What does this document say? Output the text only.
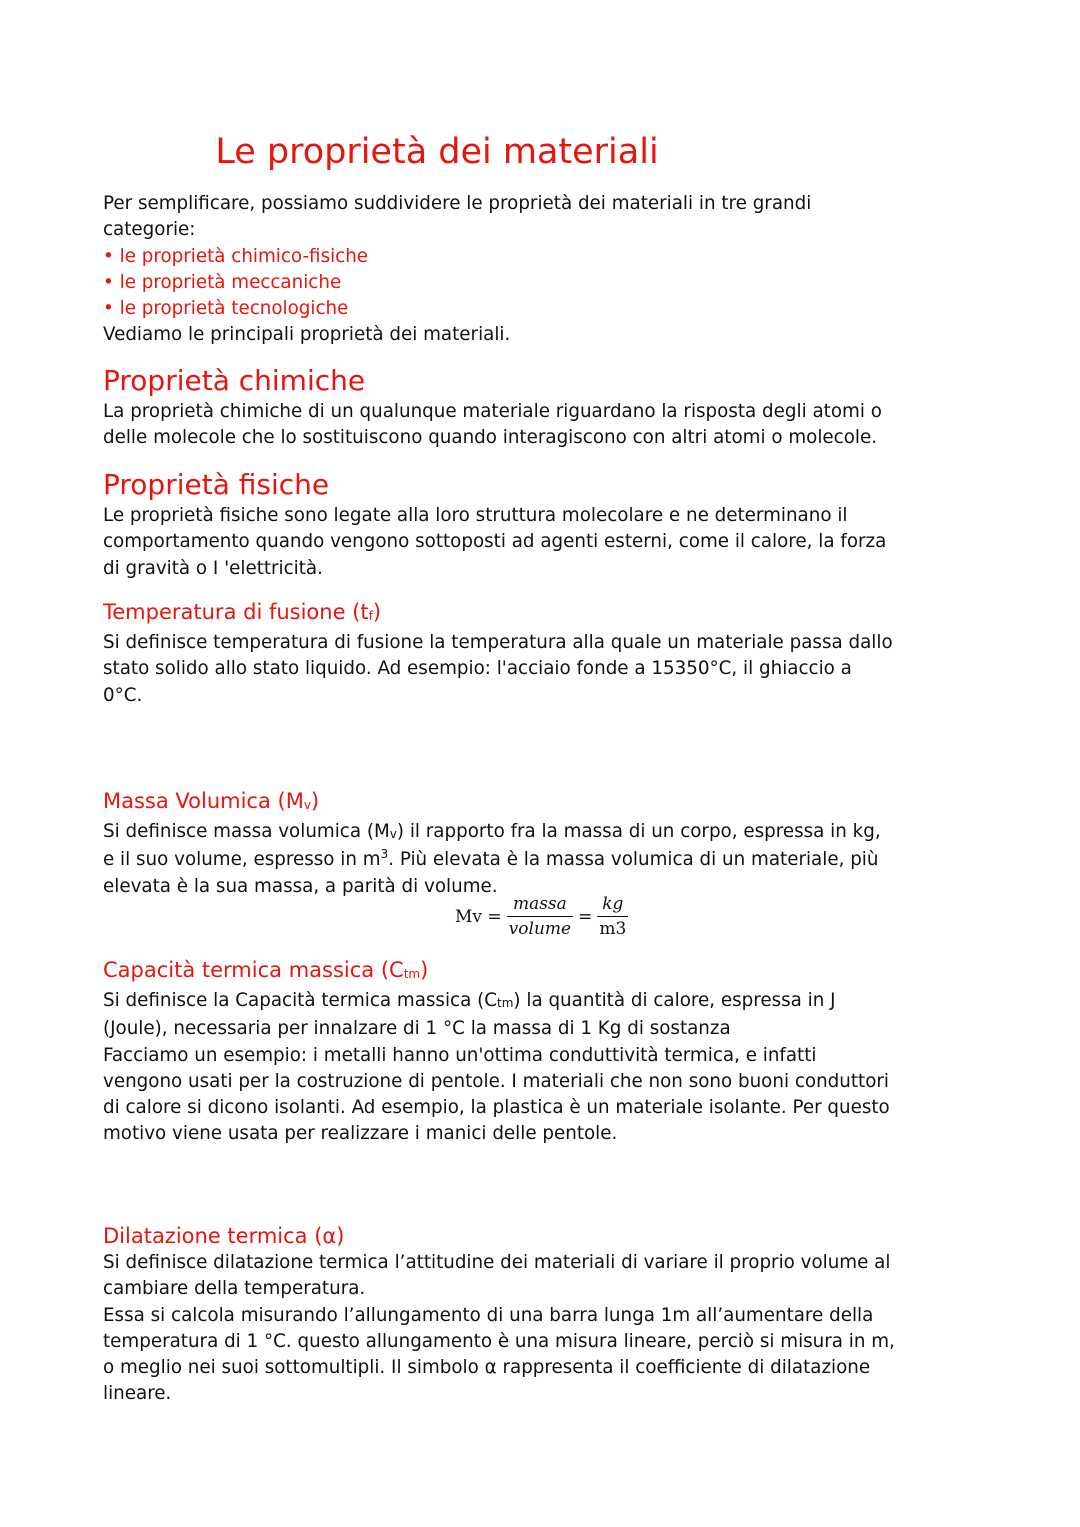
Le proprietà dei materiali

Per semplificare, possiamo suddividere le proprietà dei materiali in tre grandi

categorie:

• le proprietà chimico-fisiche

• le proprietà meccaniche

• le proprietà tecnologiche

Vediamo le principali proprietà dei materiali.

Proprietà chimiche

La proprietà chimiche di un qualunque materiale riguardano la risposta degli atomi o

delle molecole che lo sostituiscono quando interagiscono con altri atomi o molecole.

Proprietà fisiche

Le proprietà fisiche sono legate alla loro struttura molecolare e ne determinano il

comportamento quando vengono sottoposti ad agenti esterni, come il calore, la forza

di gravità o I 'elettricità.

Temperatura di fusione $(t_f)$

Si definisce temperatura di fusione la temperatura alla quale un materiale passa dallo

stato solido allo stato liquido. Ad esempio: l'acciaio fonde a 15350°C, il ghiaccio a

0°C.

Massa Volumica $(M_v)$

Si definisce massa volumica $(M_v)$ il rapporto fra la massa di un corpo, espressa in kg,

e il suo volume, espresso in $m^3$. Più elevata è la massa volumica di un materiale, più

elevata è la sua massa, a parità di volume.

$Mv = \frac{\text{massa}}{\text{volume}} = \frac{kg}{m3}$
Capacità termica massica $(C_{tm})$

Si definisce la Capacità termica massica $(C_{tm})$ la quantità di calore, espressa in J

(Joule), necessaria per innalzare di 1 °C la massa di 1 Kg di sostanza

Facciamo un esempio: i metalli hanno un'ottima conduttività termica, e infatti

vengono usati per la costruzione di pentole. I materiali che non sono buoni conduttori

di calore si dicono isolanti. Ad esempio, la plastica è un materiale isolante. Per questo

motivo viene usata per realizzare i manici delle pentole.

Dilatazione termica (α)

Si definisce dilatazione termica l’attitudine dei materiali di variare il proprio volume al

cambiare della temperatura.

Essa si calcola misurando l’allungamento di una barra lunga 1m all’aumentare della

temperatura di 1 °C. questo allungamento è una misura lineare, perciò si misura in m,

o meglio nei suoi sottomultipli. Il simbolo α rappresenta il coefficiente di dilatazione

lineare.
